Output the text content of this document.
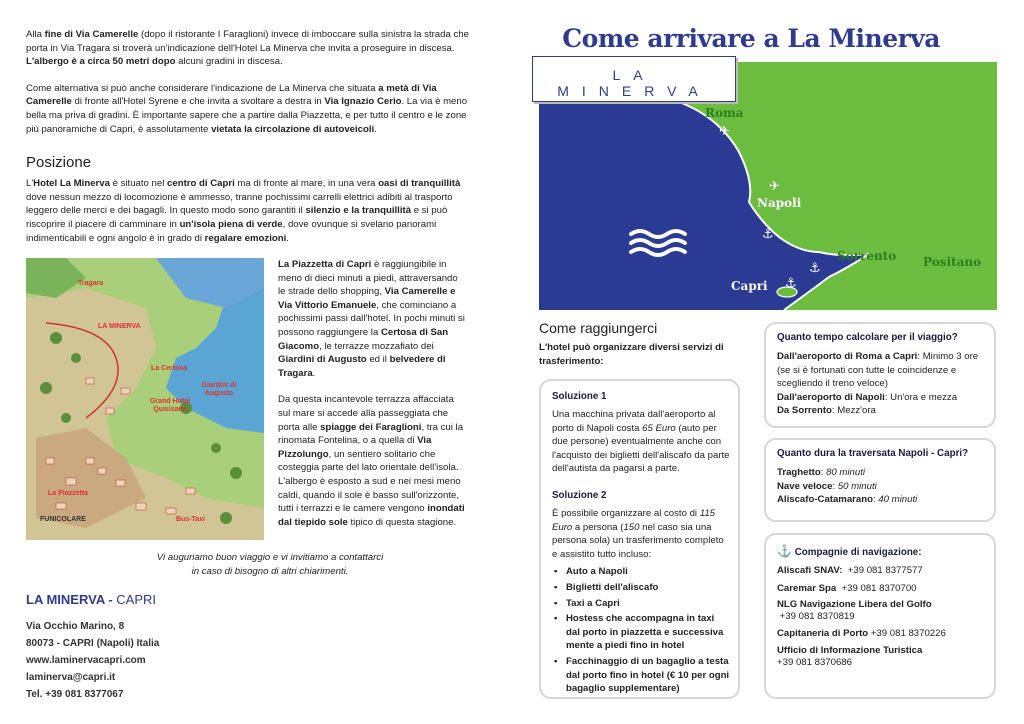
Alla fine di Via Camerelle (dopo il ristorante I Faraglioni) invece di imboccare sulla sinistra la strada che porta in Via Tragara si troverà un'indicazione dell'Hotel La Minerva che invita a proseguire in discesa. L'albergo è a circa 50 metri dopo alcuni gradini in discesa.

Come alternativa si può anche considerare l'indicazione de La Minerva che situata a metà di Via Camerelle di fronte all'Hotel Syrene e che invita a svoltare a destra in Via Ignazio Cerio. La via è meno bella ma priva di gradini. È importante sapere che a partire dalla Piazzetta, e per tutto il centro e le zone più panoramiche di Capri, è assolutamente vietata la circolazione di autoveicoli.

Posizione

L'Hotel La Minerva è situato nel centro di Capri ma di fronte al mare, in una vera oasi di tranquillità dove nessun mezzo di locomozione è ammesso, tranne pochissimi carrelli elettrici adibiti al trasporto leggero delle merci e dei bagagli. In questo modo sono garantiti il silenzio e la tranquillità e si può riscoprire il piacere di camminare in un'isola piena di verde, dove ovunque si svelano panorami indimenticabili e ogni angolo è in grado di regalare emozioni.

Tragara
LA MINERVA
La Certosa
Giardini di Augusto
Grand Hotel Quisisana
La Piazzetta
FUNICOLARE	Bus-Taxi

La Piazzetta di Capri è raggiungibile in meno di dieci minuti a piedi, attraversando le strade dello shopping, Via Camerelle e Via Vittorio Emanuele, che cominciano a pochissimi passi dall'hotel. In pochi minuti si possono raggiungere la Certosa di San Giacomo, le terrazze mozzafiato dei Giardini di Augusto ed il belvedere di Tragara.

Da questa incantevole terrazza affacciata sul mare si accede alla passeggiata che porta alle spiagge dei Faraglioni, tra cui la rinomata Fontelina, o a quella di Via Pizzolungo, un sentiero solitario che costeggia parte del lato orientale dell'isola. L'albergo è esposto a sud e nei mesi meno caldi, quando il sole è basso sull'orizzonte, tutti i terrazzi e le camere vengono inondati dal tiepido sole tipico di questa stagione.

Vi auguriamo buon viaggio e vi invitiamo a contattarci
in caso di bisogno di altri chiarimenti.
LA MINERVA - CAPRI
Via Occhio Marino, 8
80073 - CAPRI (Napoli) Italia
www.laminervacapri.com
laminerva@capri.it
Tel. +39 081 8377067
Come arrivare a La Minerva
✈
✈
⚓
⚓
⚓
Roma
Napoli
Sorrento Positano
Capri
LA MINERVA
Come raggiungerci
L'hotel può organizzare diversi servizi di trasferimento:
Soluzione 1

Una macchina privata dall'aeroporto al porto di Napoli costa 65 Euro (auto per due persone) eventualmente anche con l'acquisto dei biglietti dell'aliscafo da parte dell'autista da pagarsi a parte.

Soluzione 2

È possibile organizzare al costo di 115 Euro a persona (150 nel caso sia una persona sola) un trasferimento completo e assistito tutto incluso:

• Auto a Napoli
• Biglietti dell'aliscafo
• Taxi a Capri
• Hostess che accompagna in taxi dal porto in piazzetta e successiva mente a piedi fino in hotel
• Facchinaggio di un bagaglio a testa dal porto fino in hotel (€ 10 per ogni bagaglio supplementare)
Quanto tempo calcolare per il viaggio?

Dall'aeroporto di Roma a Capri: Minimo 3 ore (se si è fortunati con tutte le coincidenze e scegliendo il treno veloce)

Dall'aeroporto di Napoli: Un'ora e mezza

Da Sorrento: Mezz'ora

Quanto dura la traversata Napoli - Capri?

Traghetto: 80 minuti

Nave veloce: 50 minuti

Aliscafo-Catamarano: 40 minuti

⚓ Compagnie di navigazione:

Aliscafi SNAV: +39 081 8377577

Caremar Spa +39 081 8370700

NLG Navigazione Libera del Golfo
+39 081 8370819

Capitaneria di Porto +39 081 8370226

Ufficio di Informazione Turistica
+39 081 8370686
